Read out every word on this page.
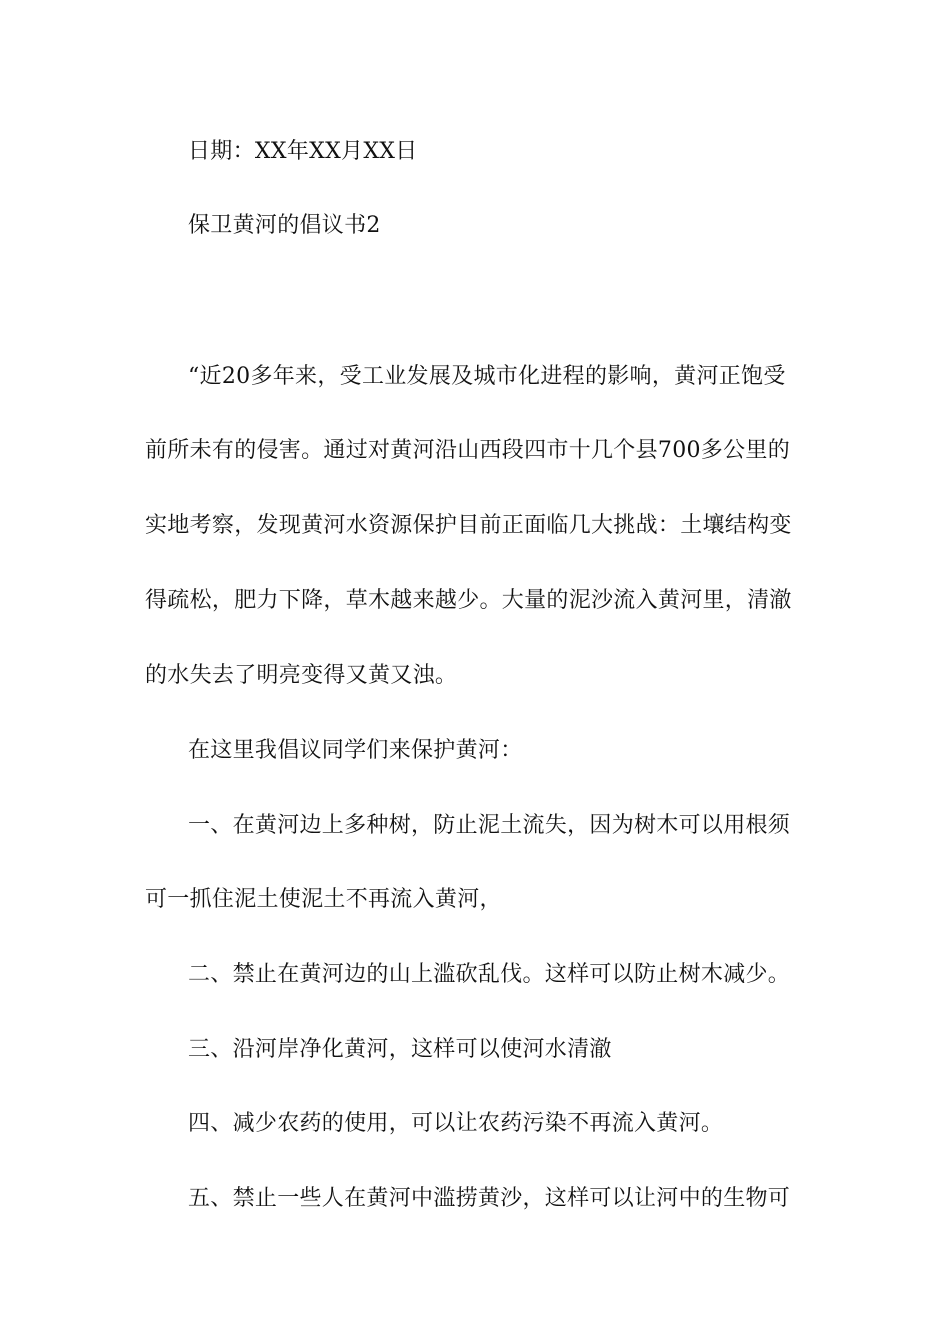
日期：XX年XX月XX日
保卫黄河的倡议书2
“近20多年来，受工业发展及城市化进程的影响，黄河正饱受
前所未有的侵害。通过对黄河沿山西段四市十几个县700多公里的
实地考察，发现黄河水资源保护目前正面临几大挑战：土壤结构变
得疏松，肥力下降，草木越来越少。大量的泥沙流入黄河里，清澈
的水失去了明亮变得又黄又浊。
在这里我倡议同学们来保护黄河：
一、在黄河边上多种树，防止泥土流失，因为树木可以用根须
可一抓住泥土使泥土不再流入黄河，
二、禁止在黄河边的山上滥砍乱伐。这样可以防止树木减少。
三、沿河岸净化黄河，这样可以使河水清澈
四、减少农药的使用，可以让农药污染不再流入黄河。
五、禁止一些人在黄河中滥捞黄沙，这样可以让河中的生物可
